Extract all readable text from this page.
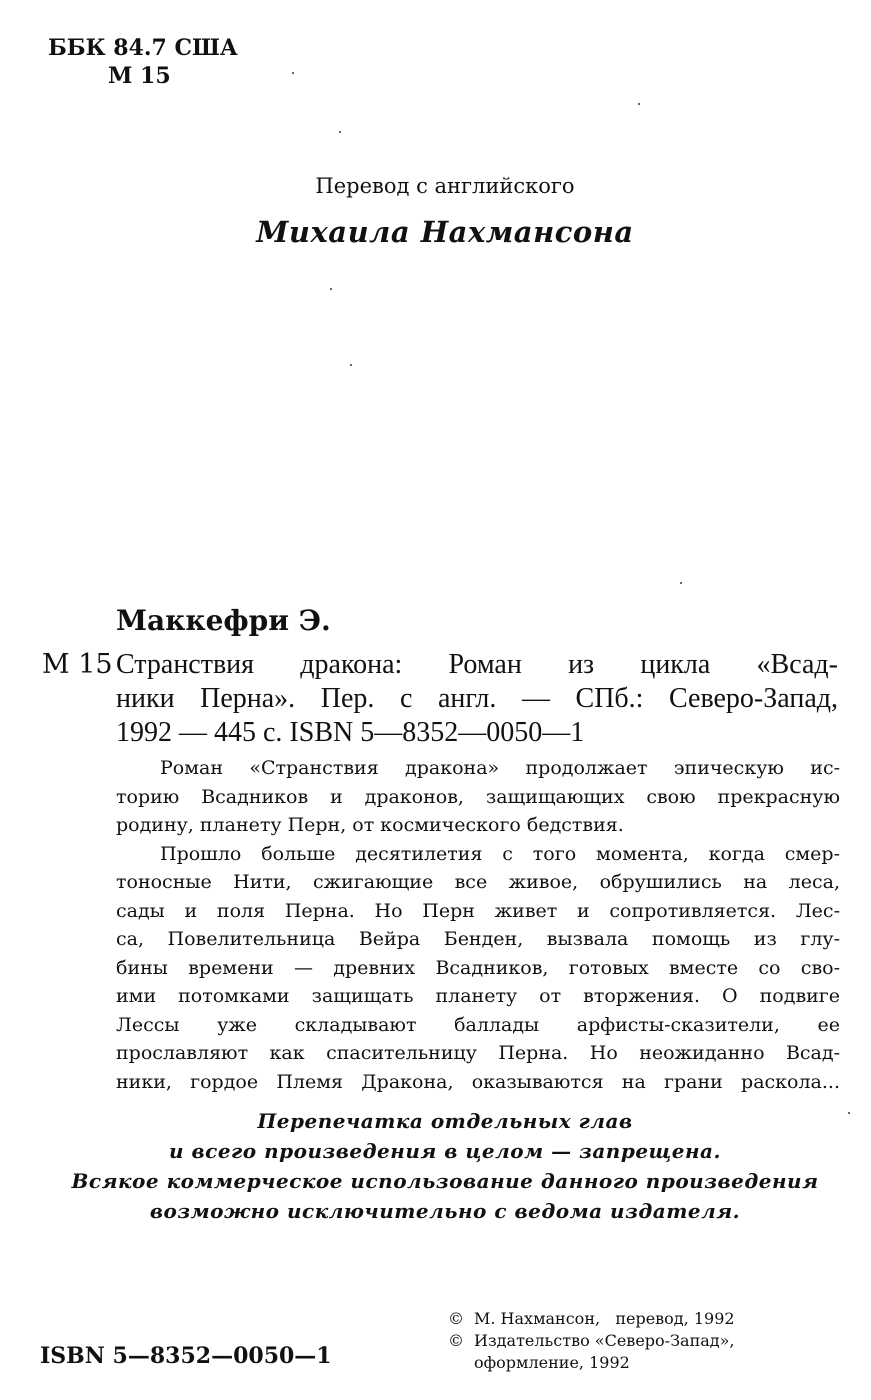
ББК 84.7 США
М 15
Перевод с английского
Михаила Нахмансона
Маккефри Э.
М 15 Странствия дракона: Роман из цикла «Всад-
ники Перна». Пер. с англ. — СПб.: Северо-Запад,
1992 — 445 с. ISBN 5—8352—0050—1
Роман «Странствия дракона» продолжает эпическую ис-
торию Всадников и драконов, защищающих свою прекрасную
родину, планету Перн, от космического бедствия.
Прошло больше десятилетия с того момента, когда смер-
тоносные Нити, сжигающие все живое, обрушились на леса,
сады и поля Перна. Но Перн живет и сопротивляется. Лес-
са, Повелительница Вейра Бенден, вызвала помощь из глу-
бины времени — древних Всадников, готовых вместе со сво-
ими потомками защищать планету от вторжения. О подвиге
Лессы уже складывают баллады арфисты-сказители, ее
прославляют как спасительницу Перна. Но неожиданно Всад-
ники, гордое Племя Дракона, оказываются на грани раскола...
Перепечатка отдельных глав
и всего произведения в целом — запрещена.
Всякое коммерческое использование данного произведения
возможно исключительно с ведома издателя.
ISBN 5—8352—0050—1
© М. Нахмансон,   перевод, 1992
© Издательство «Северо-Запад»,
оформление, 1992
